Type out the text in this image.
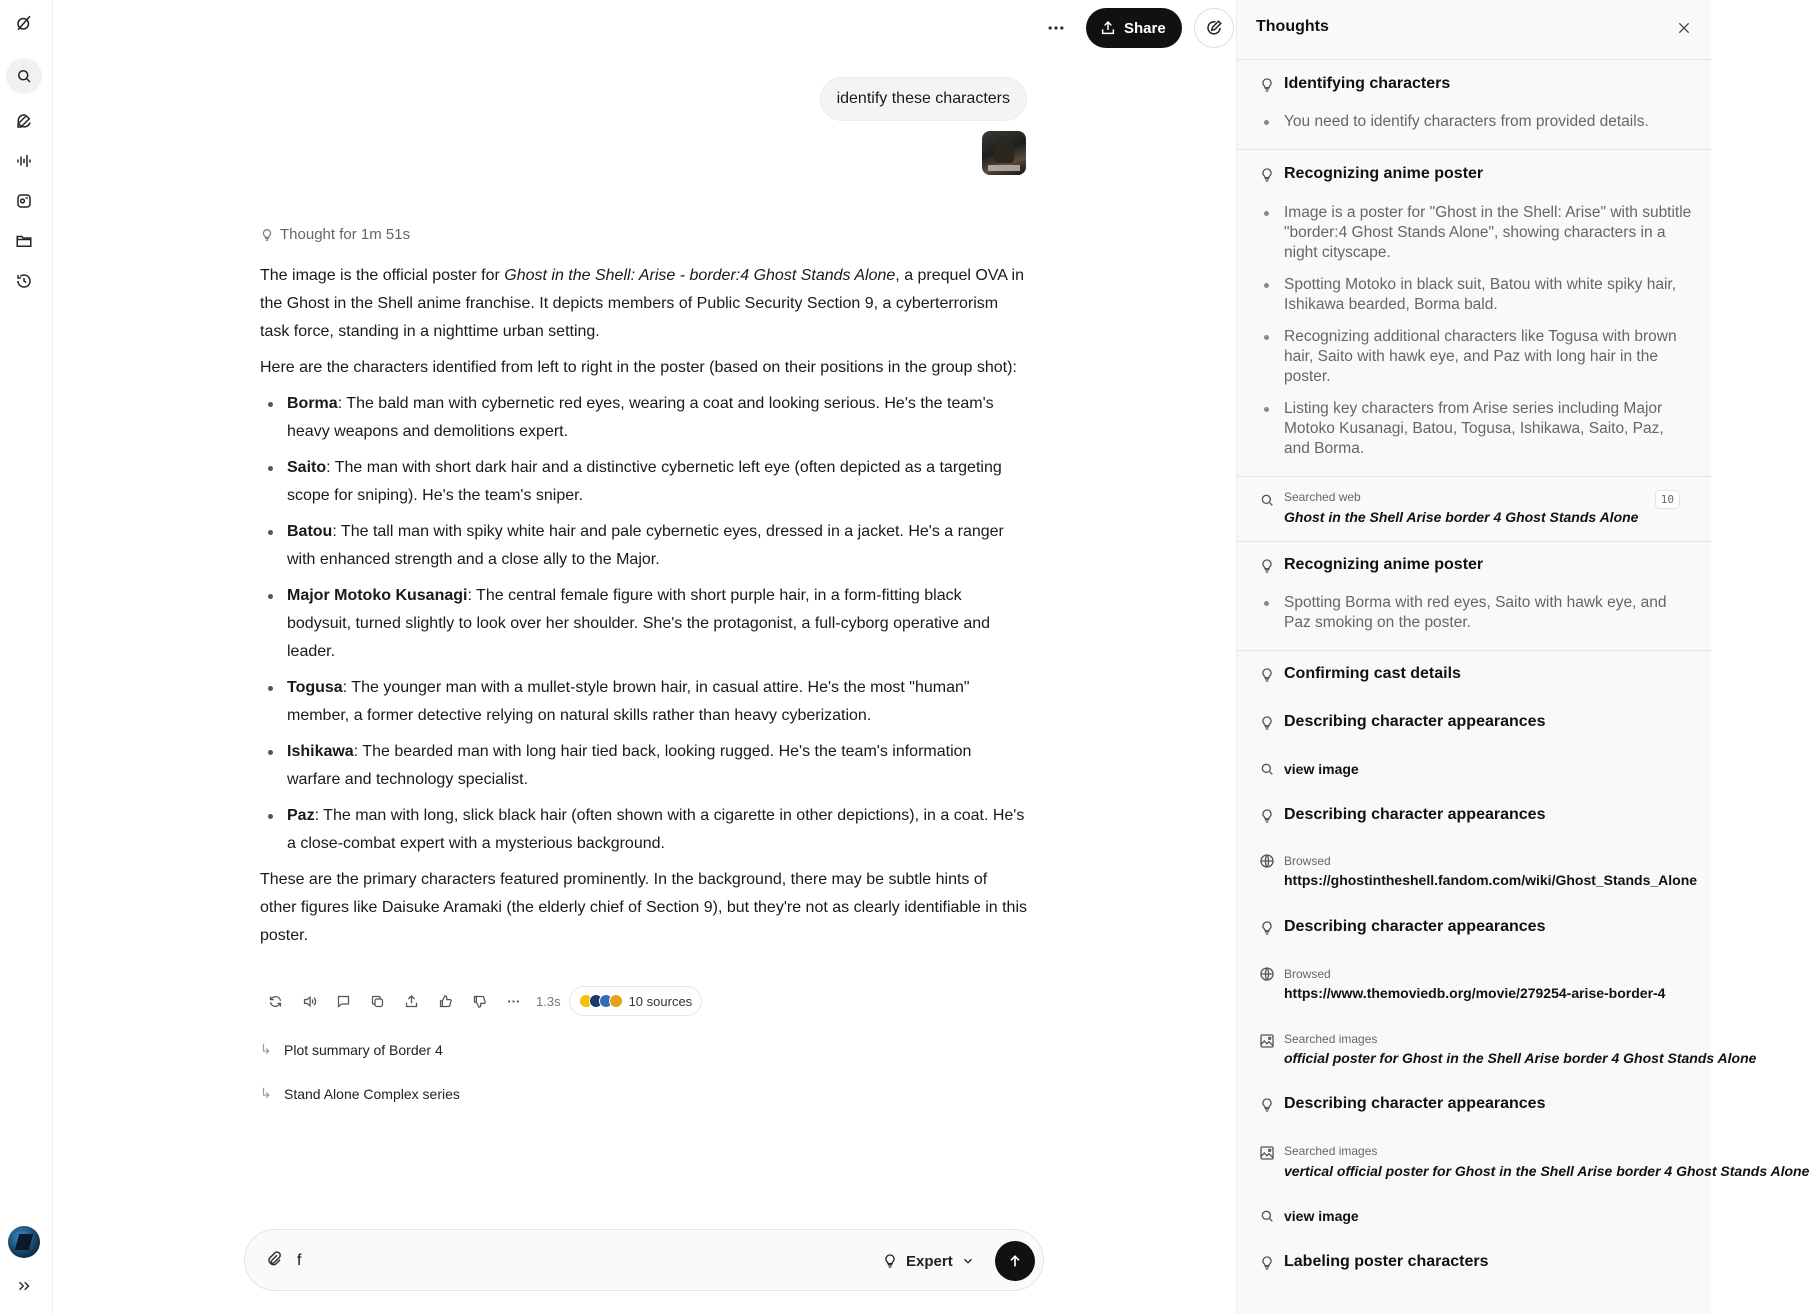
Share
identify these characters
Thought for 1m 51s

The image is the official poster for Ghost in the Shell: Arise - border:4 Ghost Stands Alone, a prequel OVA in the Ghost in the Shell anime franchise. It depicts members of Public Security Section 9, a cyberterrorism task force, standing in a nighttime urban setting.

Here are the characters identified from left to right in the poster (based on their positions in the group shot):

Borma: The bald man with cybernetic red eyes, wearing a coat and looking serious. He's the team's heavy weapons and demolitions expert.
Saito: The man with short dark hair and a distinctive cybernetic left eye (often depicted as a targeting scope for sniping). He's the team's sniper.
Batou: The tall man with spiky white hair and pale cybernetic eyes, dressed in a jacket. He's a ranger with enhanced strength and a close ally to the Major.
Major Motoko Kusanagi: The central female figure with short purple hair, in a form-fitting black bodysuit, turned slightly to look over her shoulder. She's the protagonist, a full-cyborg operative and leader.
Togusa: The younger man with a mullet-style brown hair, in casual attire. He's the most "human" member, a former detective relying on natural skills rather than heavy cyberization.
Ishikawa: The bearded man with long hair tied back, looking rugged. He's the team's information warfare and technology specialist.
Paz: The man with long, slick black hair (often shown with a cigarette in other depictions), in a coat. He's a close-combat expert with a mysterious background.

These are the primary characters featured prominently. In the background, there may be subtle hints of other figures like Daisuke Aramaki (the elderly chief of Section 9), but they're not as clearly identifiable in this poster.

1.3s	10 sources
↳ Plot summary of Border 4
↳ Stand Alone Complex series
f
Expert
Thoughts
Identifying characters
You need to identify characters from provided details.
Recognizing anime poster
Image is a poster for "Ghost in the Shell: Arise" with subtitle "border:4 Ghost Stands Alone", showing characters in a night cityscape.
Spotting Motoko in black suit, Batou with white spiky hair, Ishikawa bearded, Borma bald.
Recognizing additional characters like Togusa with brown hair, Saito with hawk eye, and Paz with long hair in the poster.
Listing key characters from Arise series including Major Motoko Kusanagi, Batou, Togusa, Ishikawa, Saito, Paz, and Borma.
Searched web
Ghost in the Shell Arise border 4 Ghost Stands Alone
10
Recognizing anime poster
Spotting Borma with red eyes, Saito with hawk eye, and Paz smoking on the poster.
Confirming cast details
Describing character appearances
view image
Describing character appearances
Browsed
https://ghostintheshell.fandom.com/wiki/Ghost_Stands_Alone
Describing character appearances
Browsed
https://www.themoviedb.org/movie/279254-arise-border-4
Searched images
official poster for Ghost in the Shell Arise border 4 Ghost Stands Alone
Describing character appearances
Searched images
vertical official poster for Ghost in the Shell Arise border 4 Ghost Stands Alone
view image
Labeling poster characters
